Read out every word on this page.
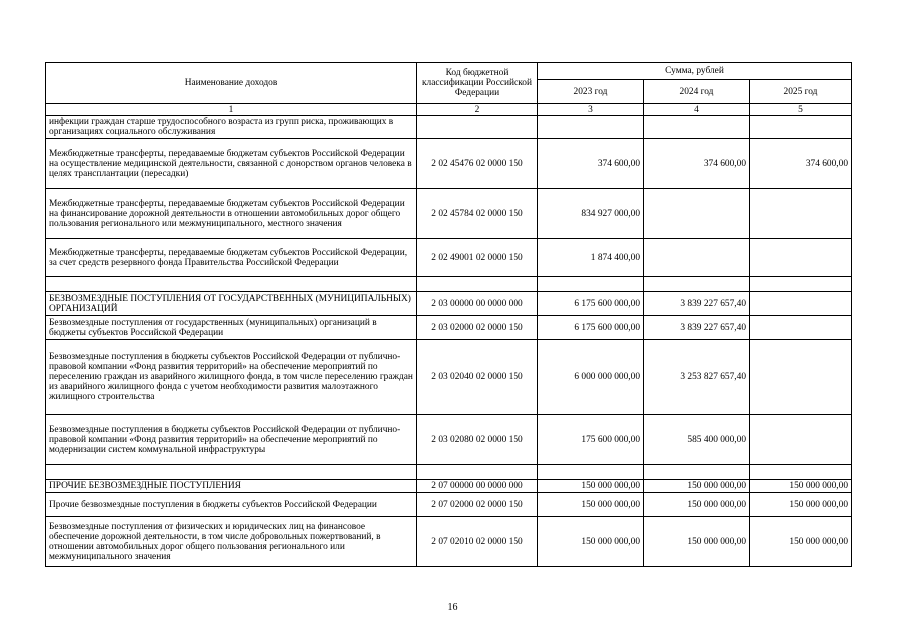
Наименование доходов	Код бюджетной классификации Российской Федерации	Сумма, рублей		
		2023 год	2024 год	2025 год
1	2	3	4	5
инфекции граждан старше трудоспособного возраста из групп риска, проживающих в организациях социального обслуживания				
Межбюджетные трансферты, передаваемые бюджетам субъектов Российской Федерации на осуществление медицинской деятельности, связанной с донорством органов человека в целях трансплантации (пересадки)	2 02 45476 02 0000 150	374 600,00	374 600,00	374 600,00
Межбюджетные трансферты, передаваемые бюджетам субъектов Российской Федерации на финансирование дорожной деятельности в отношении автомобильных дорог общего пользования регионального или межмуниципального, местного значения	2 02 45784 02 0000 150	834 927 000,00		
Межбюджетные трансферты, передаваемые бюджетам субъектов Российской Федерации, за счет средств резервного фонда Правительства Российской Федерации	2 02 49001 02 0000 150	1 874 400,00		

БЕЗВОЗМЕЗДНЫЕ ПОСТУПЛЕНИЯ ОТ ГОСУДАРСТВЕННЫХ (МУНИЦИПАЛЬНЫХ) ОРГАНИЗАЦИЙ	2 03 00000 00 0000 000	6 175 600 000,00	3 839 227 657,40	
Безвозмездные поступления от государственных (муниципальных) организаций в бюджеты субъектов Российской Федерации	2 03 02000 02 0000 150	6 175 600 000,00	3 839 227 657,40	
Безвозмездные поступления в бюджеты субъектов Российской Федерации от публично-правовой компании «Фонд развития территорий» на обеспечение мероприятий по переселению граждан из аварийного жилищного фонда, в том числе переселению граждан из аварийного жилищного фонда с учетом необходимости развития малоэтажного жилищного строительства	2 03 02040 02 0000 150	6 000 000 000,00	3 253 827 657,40	
Безвозмездные поступления в бюджеты субъектов Российской Федерации от публично-правовой компании «Фонд развития территорий» на обеспечение мероприятий по модернизации систем коммунальной инфраструктуры	2 03 02080 02 0000 150	175 600 000,00	585 400 000,00	

ПРОЧИЕ БЕЗВОЗМЕЗДНЫЕ ПОСТУПЛЕНИЯ	2 07 00000 00 0000 000	150 000 000,00	150 000 000,00	150 000 000,00
Прочие безвозмездные поступления в бюджеты субъектов Российской Федерации	2 07 02000 02 0000 150	150 000 000,00	150 000 000,00	150 000 000,00
Безвозмездные поступления от физических и юридических лиц на финансовое обеспечение дорожной деятельности, в том числе добровольных пожертвований, в отношении автомобильных дорог общего пользования регионального или межмуниципального значения	2 07 02010 02 0000 150	150 000 000,00	150 000 000,00	150 000 000,00
16
